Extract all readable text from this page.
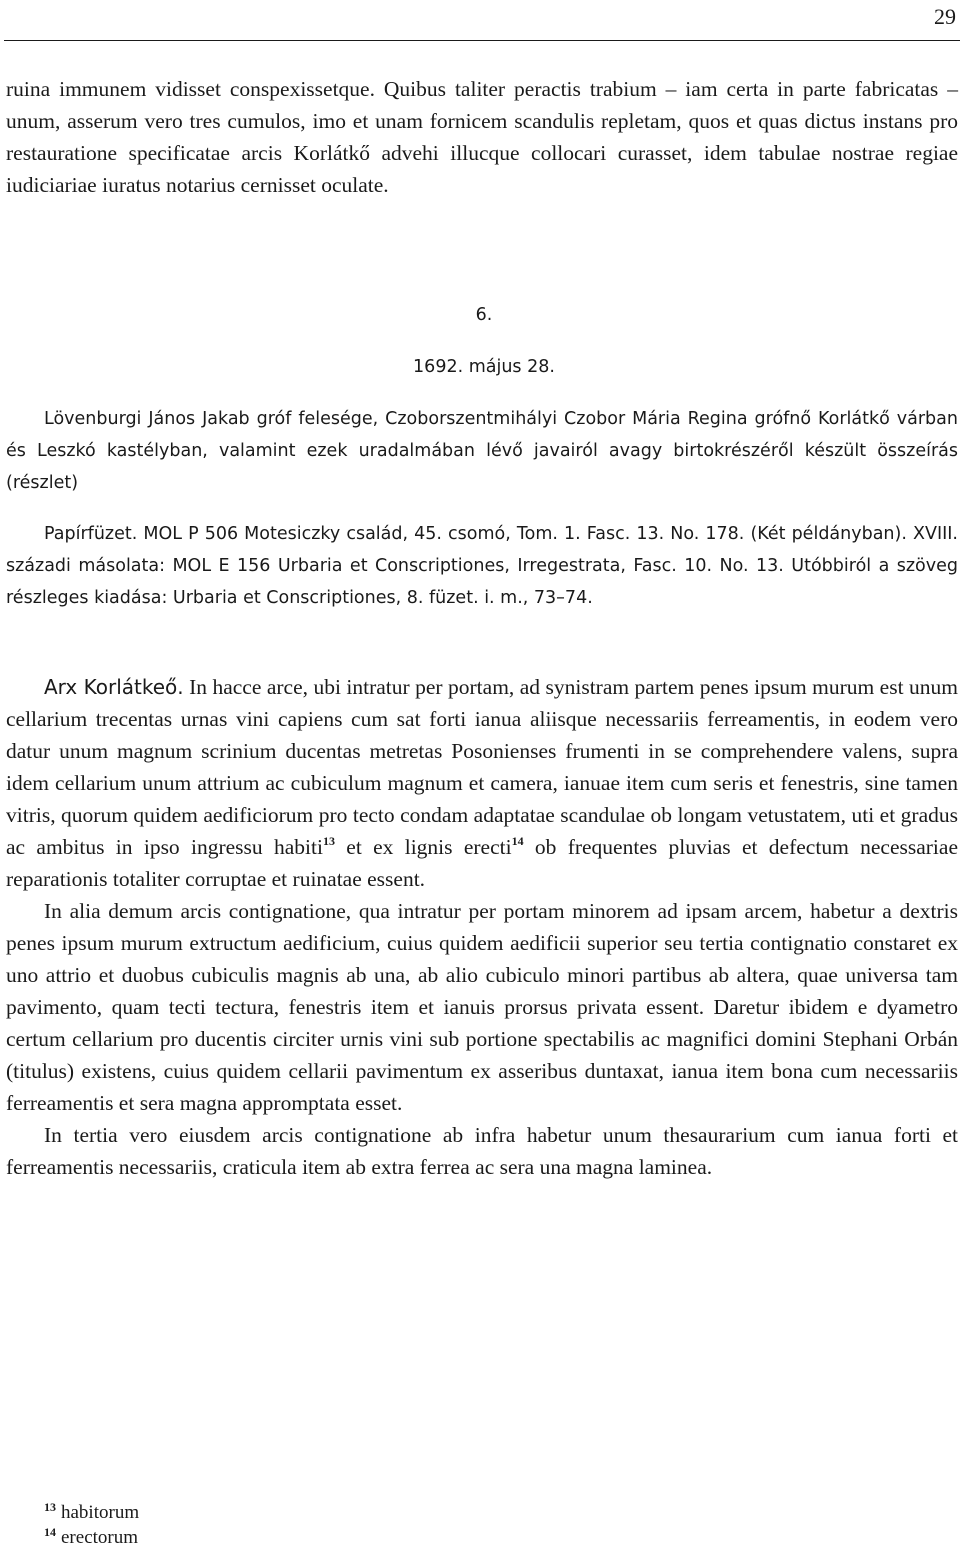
29

ruina immunem vidisset conspexissetque. Quibus taliter peractis trabium – iam certa in parte fabricatas – unum, asserum vero tres cumulos, imo et unam fornicem scandulis repletam, quos et quas dictus instans pro restauratione specificatae arcis Korlátkő advehi illucque collocari curasset, idem tabulae nostrae regiae iudiciariae iuratus notarius cernisset oculate.

6.
1692. május 28.

Lövenburgi János Jakab gróf felesége, Czoborszentmihályi Czobor Mária Regina grófnő Korlátkő várban és Leszkó kastélyban, valamint ezek uradalmában lévő javairól avagy birtokrészéről készült összeírás (részlet)

Papírfüzet. MOL P 506 Motesiczky család, 45. csomó, Tom. 1. Fasc. 13. No. 178. (Két példányban). XVIII. századi másolata: MOL E 156 Urbaria et Conscriptiones, Irregestrata, Fasc. 10. No. 13. Utóbbiról a szöveg részleges kiadása: Urbaria et Conscriptiones, 8. füzet. i. m., 73–74.

Arx Korlátkeő. In hacce arce, ubi intratur per portam, ad synistram partem penes ipsum murum est unum cellarium trecentas urnas vini capiens cum sat forti ianua aliisque necessariis ferreamentis, in eodem vero datur unum magnum scrinium ducentas metretas Posonienses frumenti in se comprehendere valens, supra idem cellarium unum attrium ac cubiculum magnum et camera, ianuae item cum seris et fenestris, sine tamen vitris, quorum quidem aedificiorum pro tecto condam adaptatae scandulae ob longam vetustatem, uti et gradus ac ambitus in ipso ingressu habiti$^{13}$ et ex lignis erecti$^{14}$ ob frequentes pluvias et defectum necessariae reparationis totaliter corruptae et ruinatae essent.

In alia demum arcis contignatione, qua intratur per portam minorem ad ipsam arcem, habetur a dextris penes ipsum murum extructum aedificium, cuius quidem aedificii superior seu tertia contignatio constaret ex uno attrio et duobus cubiculis magnis ab una, ab alio cubiculo minori partibus ab altera, quae universa tam pavimento, quam tecti tectura, fenestris item et ianuis prorsus privata essent. Daretur ibidem e dyametro certum cellarium pro ducentis circiter urnis vini sub portione spectabilis ac magnifici domini Stephani Orbán (titulus) existens, cuius quidem cellarii pavimentum ex asseribus duntaxat, ianua item bona cum necessariis ferreamentis et sera magna appromptata esset.

In tertia vero eiusdem arcis contignatione ab infra habetur unum thesaurarium cum ianua forti et ferreamentis necessariis, craticula item ab extra ferrea ac sera una magna laminea.

$^{13}$ habitorum
$^{14}$ erectorum
